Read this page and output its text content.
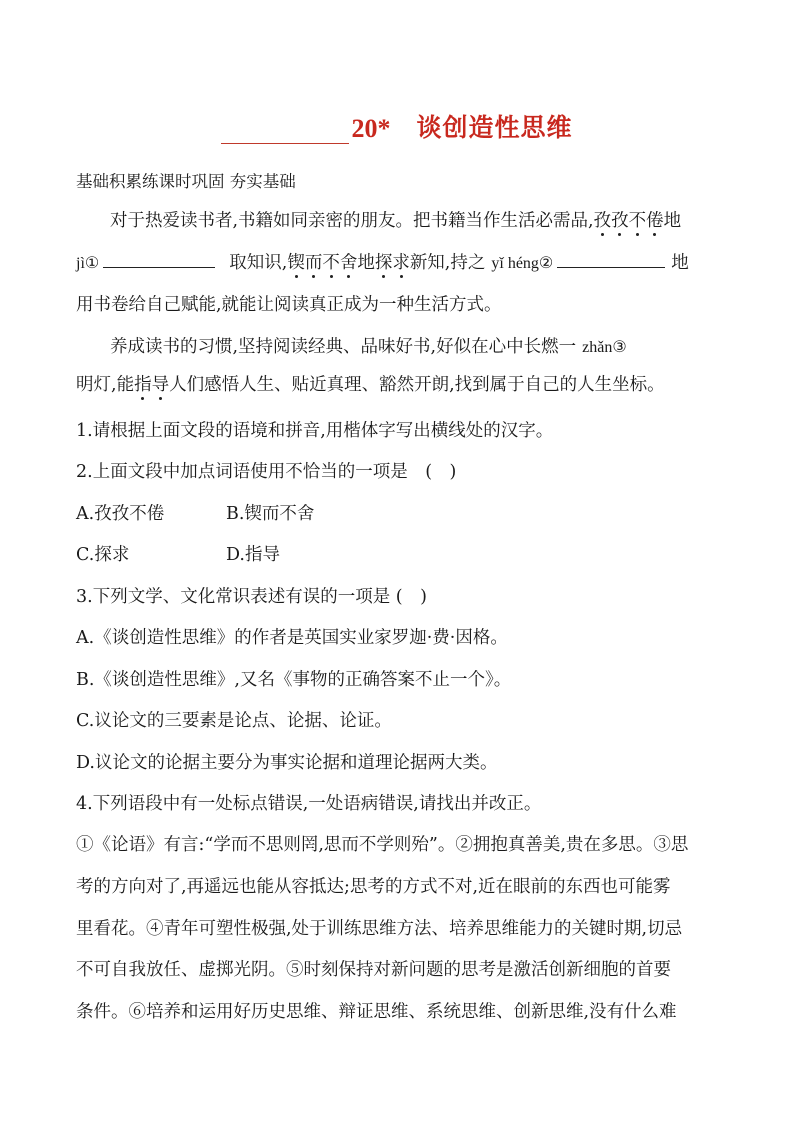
20* 谈创造性思维
基础积累练课时巩固 夯实基础
对于热爱读书者,书籍如同亲密的朋友。把书籍当作生活必需品,孜孜不倦地
jì①	取知识,锲而不舍地探求新知,持之 yǐ héng②	地
用书卷给自己赋能,就能让阅读真正成为一种生活方式。
养成读书的习惯,坚持阅读经典、品味好书,好似在心中长燃一 zhǎn③
明灯,能指导人们感悟人生、贴近真理、豁然开朗,找到属于自己的人生坐标。
1.请根据上面文段的语境和拼音,用楷体字写出横线处的汉字。
2.上面文段中加点词语使用不恰当的一项是　(　)
A.孜孜不倦	B.锲而不舍
C.探求	D.指导
3.下列文学、文化常识表述有误的一项是 (　)
A.《谈创造性思维》的作者是英国实业家罗迦·费·因格。
B.《谈创造性思维》,又名《事物的正确答案不止一个》。
C.议论文的三要素是论点、论据、论证。
D.议论文的论据主要分为事实论据和道理论据两大类。
4.下列语段中有一处标点错误,一处语病错误,请找出并改正。
①《论语》有言:“学而不思则罔,思而不学则殆”。②拥抱真善美,贵在多思。③思
考的方向对了,再遥远也能从容抵达;思考的方式不对,近在眼前的东西也可能雾
里看花。④青年可塑性极强,处于训练思维方法、培养思维能力的关键时期,切忌
不可自我放任、虚掷光阴。⑤时刻保持对新问题的思考是激活创新细胞的首要
条件。⑥培养和运用好历史思维、辩证思维、系统思维、创新思维,没有什么难
